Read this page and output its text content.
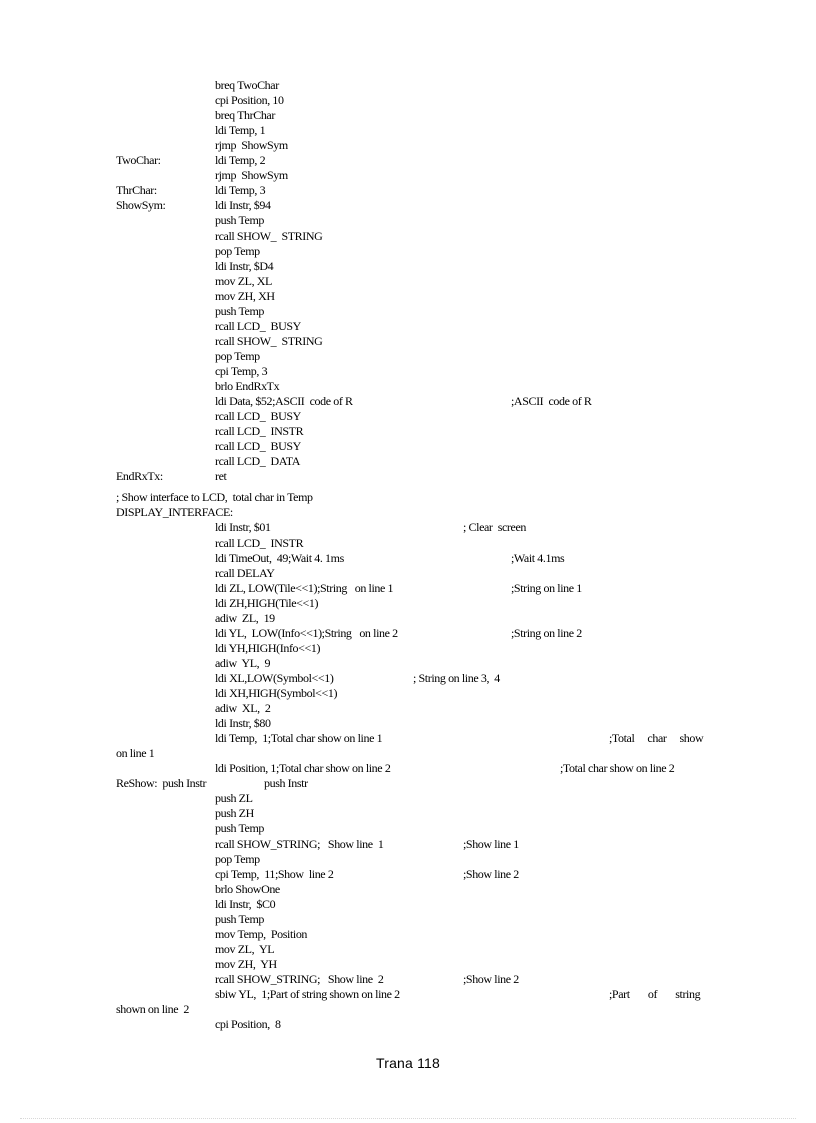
breq TwoChar
cpi Position, 10
breq ThrChar
ldi Temp, 1
rjmp  ShowSym
TwoChar:	ldi Temp, 2
rjmp  ShowSym
ThrChar:	ldi Temp, 3
ShowSym:	ldi Instr, $94
push Temp
rcall SHOW_  STRING
pop Temp
ldi Instr, $D4
mov ZL, XL
mov ZH, XH
push Temp
rcall LCD_  BUSY
rcall SHOW_  STRING
pop Temp
cpi Temp, 3
brlo EndRxTx
ldi Data, $52;ASCII  code of R	;ASCII  code of R
rcall LCD_  BUSY
rcall LCD_  INSTR
rcall LCD_  BUSY
rcall LCD_  DATA
EndRxTx:	ret
; Show interface to LCD,  total char in Temp
DISPLAY_INTERFACE:
ldi Instr, $01	; Clear  screen
rcall LCD_  INSTR
ldi TimeOut,  49;Wait 4. 1ms	;Wait 4.1ms
rcall DELAY
ldi ZL, LOW(Tile<<1);String   on line 1	;String on line 1
ldi ZH,HIGH(Tile<<1)
adiw  ZL,  19
ldi YL,  LOW(Info<<1);String   on line 2	;String on line 2
ldi YH,HIGH(Info<<1)
adiw  YL,  9
ldi XL,LOW(Symbol<<1)	; String on line 3,  4
ldi XH,HIGH(Symbol<<1)
adiw  XL,  2
ldi Instr, $80
ldi Temp,  1;Total char show on line 1	;Total     char     show
on line 1
ldi Position, 1;Total char show on line 2	;Total char show on line 2
ReShow:  push Instr	push Instr
push ZL
push ZH
push Temp
rcall SHOW_STRING;   Show line  1	;Show line 1
pop Temp
cpi Temp,  11;Show  line 2	;Show line 2
brlo ShowOne
ldi Instr,  $C0
push Temp
mov Temp,  Position
mov ZL,  YL
mov ZH,  YH
rcall SHOW_STRING;   Show line  2	;Show line 2
sbiw YL,  1;Part of string shown on line 2	;Part       of       string
shown on line  2
cpi Position,  8
Trana 118
